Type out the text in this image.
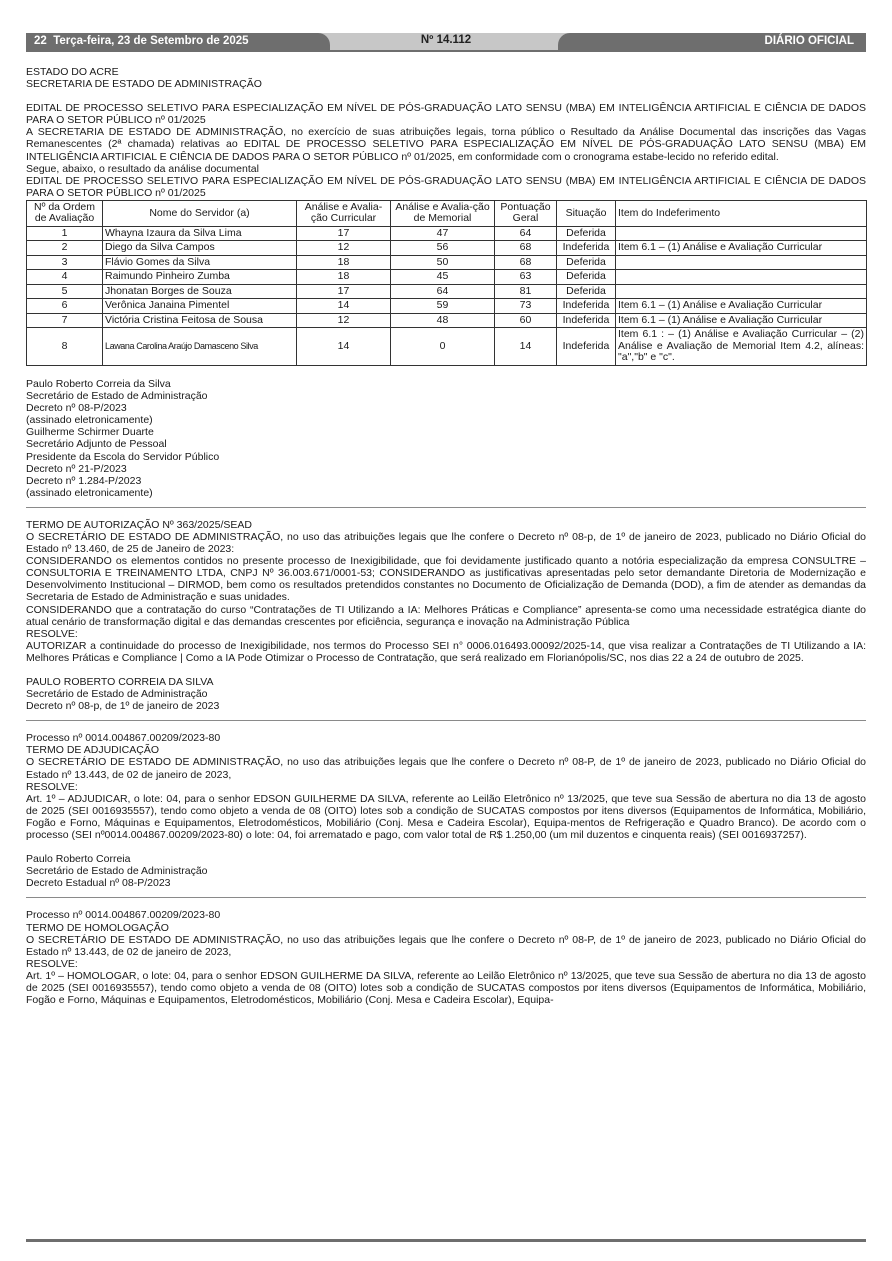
22 Terça-feira, 23 de Setembro de 2025	Nº 14.112	DIÁRIO OFICIAL

ESTADO DO ACRE

SECRETARIA DE ESTADO DE ADMINISTRAÇÃO

EDITAL DE PROCESSO SELETIVO PARA ESPECIALIZAÇÃO EM NÍVEL DE PÓS-GRADUAÇÃO LATO SENSU (MBA) EM INTELIGÊNCIA ARTIFICIAL E CIÊNCIA DE DADOS PARA O SETOR PÚBLICO nº 01/2025

A SECRETARIA DE ESTADO DE ADMINISTRAÇÃO, no exercício de suas atribuições legais, torna público o Resultado da Análise Documental das inscrições das Vagas Remanescentes (2ª chamada) relativas ao EDITAL DE PROCESSO SELETIVO PARA ESPECIALIZAÇÃO EM NÍVEL DE PÓS-GRADUAÇÃO LATO SENSU (MBA) EM INTELIGÊNCIA ARTIFICIAL E CIÊNCIA DE DADOS PARA O SETOR PÚBLICO nº 01/2025, em conformidade com o cronograma estabe-lecido no referido edital.

Segue, abaixo, o resultado da análise documental

EDITAL DE PROCESSO SELETIVO PARA ESPECIALIZAÇÃO EM NÍVEL DE PÓS-GRADUAÇÃO LATO SENSU (MBA) EM INTELIGÊNCIA ARTIFICIAL E CIÊNCIA DE DADOS PARA O SETOR PÚBLICO nº 01/2025

Nº da Ordem de Avaliação	Nome do Servidor (a)	Análise e Avalia-ção Curricular	Análise e Avalia-ção de Memorial	Pontuação Geral	Situação	Item do Indeferimento
1	Whayna Izaura da Silva Lima	17	47	64	Deferida	
2	Diego da Silva Campos	12	56	68	Indeferida	Item 6.1 – (1) Análise e Avaliação Curricular
3	Flávio Gomes da Silva	18	50	68	Deferida	
4	Raimundo Pinheiro Zumba	18	45	63	Deferida	
5	Jhonatan Borges de Souza	17	64	81	Deferida	
6	Verônica Janaina Pimentel	14	59	73	Indeferida	Item 6.1 – (1) Análise e Avaliação Curricular
7	Victória Cristina Feitosa de Sousa	12	48	60	Indeferida	Item 6.1 – (1) Análise e Avaliação Curricular
8	Lawana Carolina Araújo Damasceno Silva	14	0	14	Indeferida	Item 6.1 : – (1) Análise e Avaliação Curricular – (2) Análise e Avaliação de Memorial Item 4.2, alíneas: "a","b" e "c".

Paulo Roberto Correia da Silva

Secretário de Estado de Administração

Decreto nº 08-P/2023

(assinado eletronicamente)

Guilherme Schirmer Duarte

Secretário Adjunto de Pessoal

Presidente da Escola do Servidor Público

Decreto nº 21-P/2023

Decreto nº 1.284-P/2023

(assinado eletronicamente)

TERMO DE AUTORIZAÇÃO Nº 363/2025/SEAD

O SECRETÁRIO DE ESTADO DE ADMINISTRAÇÃO, no uso das atribuições legais que lhe confere o Decreto nº 08-p, de 1º de janeiro de 2023, publicado no Diário Oficial do Estado nº 13.460, de 25 de Janeiro de 2023:

CONSIDERANDO os elementos contidos no presente processo de Inexigibilidade, que foi devidamente justificado quanto a notória especialização da empresa CONSULTRE – CONSULTORIA E TREINAMENTO LTDA, CNPJ Nº 36.003.671/0001-53; CONSIDERANDO as justificativas apresentadas pelo setor demandante Diretoria de Modernização e Desenvolvimento Institucional – DIRMOD, bem como os resultados pretendidos constantes no Documento de Oficialização de Demanda (DOD), a fim de atender as demandas da Secretaria de Estado de Administração e suas unidades.

CONSIDERANDO que a contratação do curso “Contratações de TI Utilizando a IA: Melhores Práticas e Compliance” apresenta-se como uma necessidade estratégica diante do atual cenário de transformação digital e das demandas crescentes por eficiência, segurança e inovação na Administração Pública

RESOLVE:

AUTORIZAR a continuidade do processo de Inexigibilidade, nos termos do Processo SEI n° 0006.016493.00092/2025-14, que visa realizar a Contratações de TI Utilizando a IA: Melhores Práticas e Compliance | Como a IA Pode Otimizar o Processo de Contratação, que será realizado em Florianópolis/SC, nos dias 22 a 24 de outubro de 2025.

PAULO ROBERTO CORREIA DA SILVA

Secretário de Estado de Administração

Decreto nº 08-p, de 1º de janeiro de 2023

Processo nº 0014.004867.00209/2023-80

TERMO DE ADJUDICAÇÃO

O SECRETÁRIO DE ESTADO DE ADMINISTRAÇÃO, no uso das atribuições legais que lhe confere o Decreto nº 08-P, de 1º de janeiro de 2023, publicado no Diário Oficial do Estado nº 13.443, de 02 de janeiro de 2023,

RESOLVE:

Art. 1º – ADJUDICAR, o lote: 04, para o senhor EDSON GUILHERME DA SILVA, referente ao Leilão Eletrônico nº 13/2025, que teve sua Sessão de abertura no dia 13 de agosto de 2025 (SEI 0016935557), tendo como objeto a venda de 08 (OITO) lotes sob a condição de SUCATAS compostos por itens diversos (Equipamentos de Informática, Mobiliário, Fogão e Forno, Máquinas e Equipamentos, Eletrodomésticos, Mobiliário (Conj. Mesa e Cadeira Escolar), Equipa-mentos de Refrigeração e Quadro Branco). De acordo com o processo (SEI nº0014.004867.00209/2023-80) o lote: 04, foi arrematado e pago, com valor total de R$ 1.250,00 (um mil duzentos e cinquenta reais) (SEI 0016937257).

Paulo Roberto Correia

Secretário de Estado de Administração

Decreto Estadual nº 08-P/2023

Processo nº 0014.004867.00209/2023-80

TERMO DE HOMOLOGAÇÃO

O SECRETÁRIO DE ESTADO DE ADMINISTRAÇÃO, no uso das atribuições legais que lhe confere o Decreto nº 08-P, de 1º de janeiro de 2023, publicado no Diário Oficial do Estado nº 13.443, de 02 de janeiro de 2023,

RESOLVE:

Art. 1º – HOMOLOGAR, o lote: 04, para o senhor EDSON GUILHERME DA SILVA, referente ao Leilão Eletrônico nº 13/2025, que teve sua Sessão de abertura no dia 13 de agosto de 2025 (SEI 0016935557), tendo como objeto a venda de 08 (OITO) lotes sob a condição de SUCATAS compostos por itens diversos (Equipamentos de Informática, Mobiliário, Fogão e Forno, Máquinas e Equipamentos, Eletrodomésticos, Mobiliário (Conj. Mesa e Cadeira Escolar), Equipa-
